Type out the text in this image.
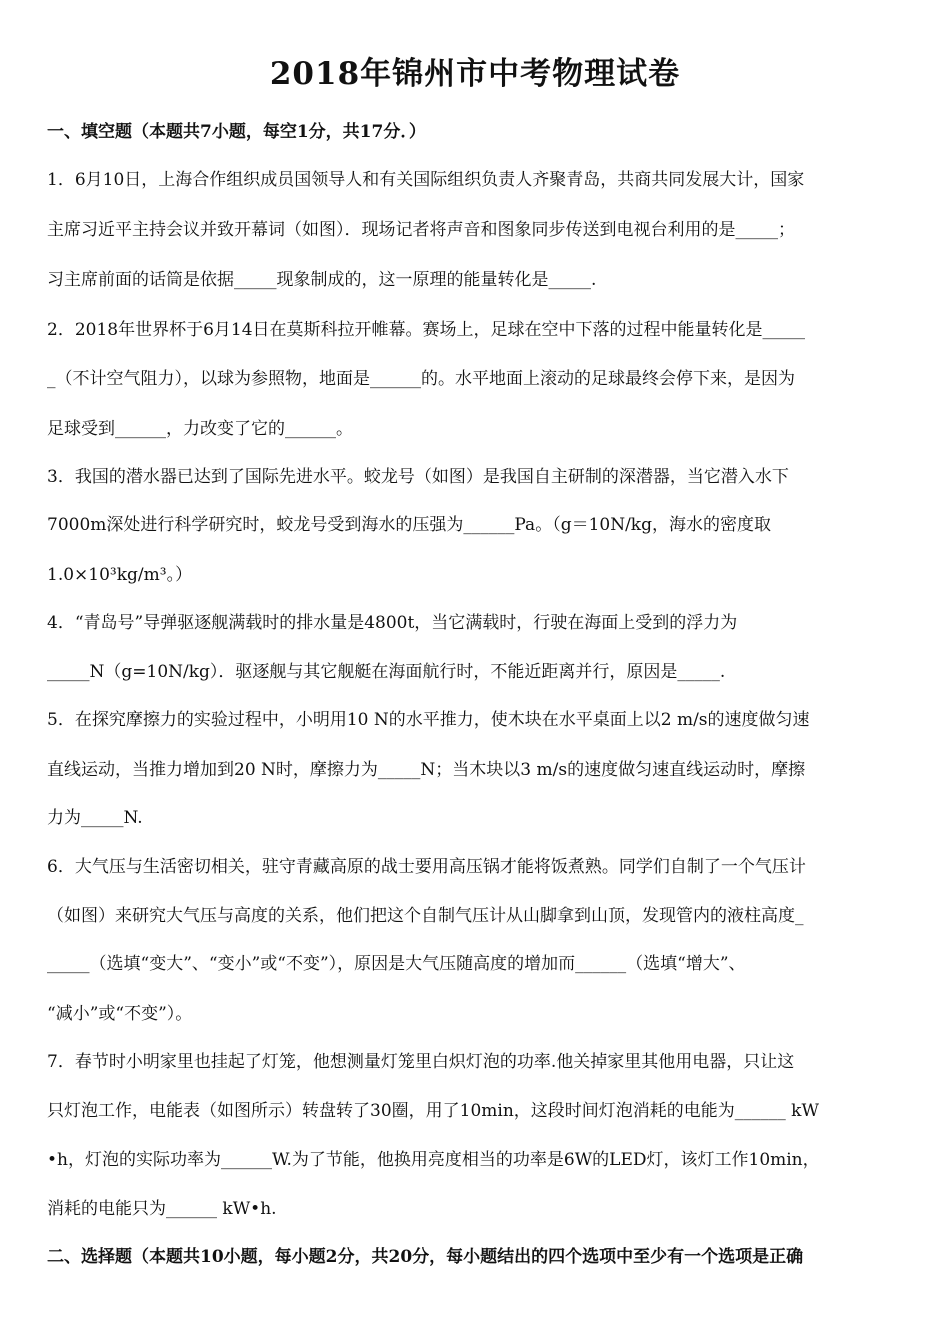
2018年锦州市中考物理试卷
一、填空题（本题共7小题，每空1分，共17分．）
1．6月10日，上海合作组织成员国领导人和有关国际组织负责人齐聚青岛，共商共同发展大计，国家
主席习近平主持会议并致开幕词（如图）．现场记者将声音和图象同步传送到电视台利用的是_____；
习主席前面的话筒是依据_____现象制成的，这一原理的能量转化是_____.
2．2018年世界杯于6月14日在莫斯科拉开帷幕。赛场上，足球在空中下落的过程中能量转化是_____
_（不计空气阻力），以球为参照物，地面是______的。水平地面上滚动的足球最终会停下来，是因为
足球受到______，力改变了它的______。
3．我国的潜水器已达到了国际先进水平。蛟龙号（如图）是我国自主研制的深潜器，当它潜入水下
7000m深处进行科学研究时，蛟龙号受到海水的压强为______Pa。（g＝10N/kg，海水的密度取
1.0×10³kg/m³。）
4．“青岛号”导弹驱逐舰满载时的排水量是4800t，当它满载时，行驶在海面上受到的浮力为
_____N（g=10N/kg）．驱逐舰与其它舰艇在海面航行时，不能近距离并行，原因是_____.
5．在探究摩擦力的实验过程中，小明用10 N的水平推力，使木块在水平桌面上以2 m/s的速度做匀速
直线运动，当推力增加到20 N时，摩擦力为_____N；当木块以3 m/s的速度做匀速直线运动时，摩擦
力为_____N.
6．大气压与生活密切相关，驻守青藏高原的战士要用高压锅才能将饭煮熟。同学们自制了一个气压计
（如图）来研究大气压与高度的关系，他们把这个自制气压计从山脚拿到山顶，发现管内的液柱高度_
_____（选填“变大”、“变小”或“不变”），原因是大气压随高度的增加而______（选填“增大”、
“减小”或“不变”）。
7．春节时小明家里也挂起了灯笼，他想测量灯笼里白炽灯泡的功率.他关掉家里其他用电器，只让这
只灯泡工作，电能表（如图所示）转盘转了30圈，用了10min，这段时间灯泡消耗的电能为______ kW
•h，灯泡的实际功率为______W.为了节能，他换用亮度相当的功率是6W的LED灯，该灯工作10min，
消耗的电能只为______ kW•h.
二、选择题（本题共10小题，每小题2分，共20分，每小题结出的四个选项中至少有一个选项是正确
